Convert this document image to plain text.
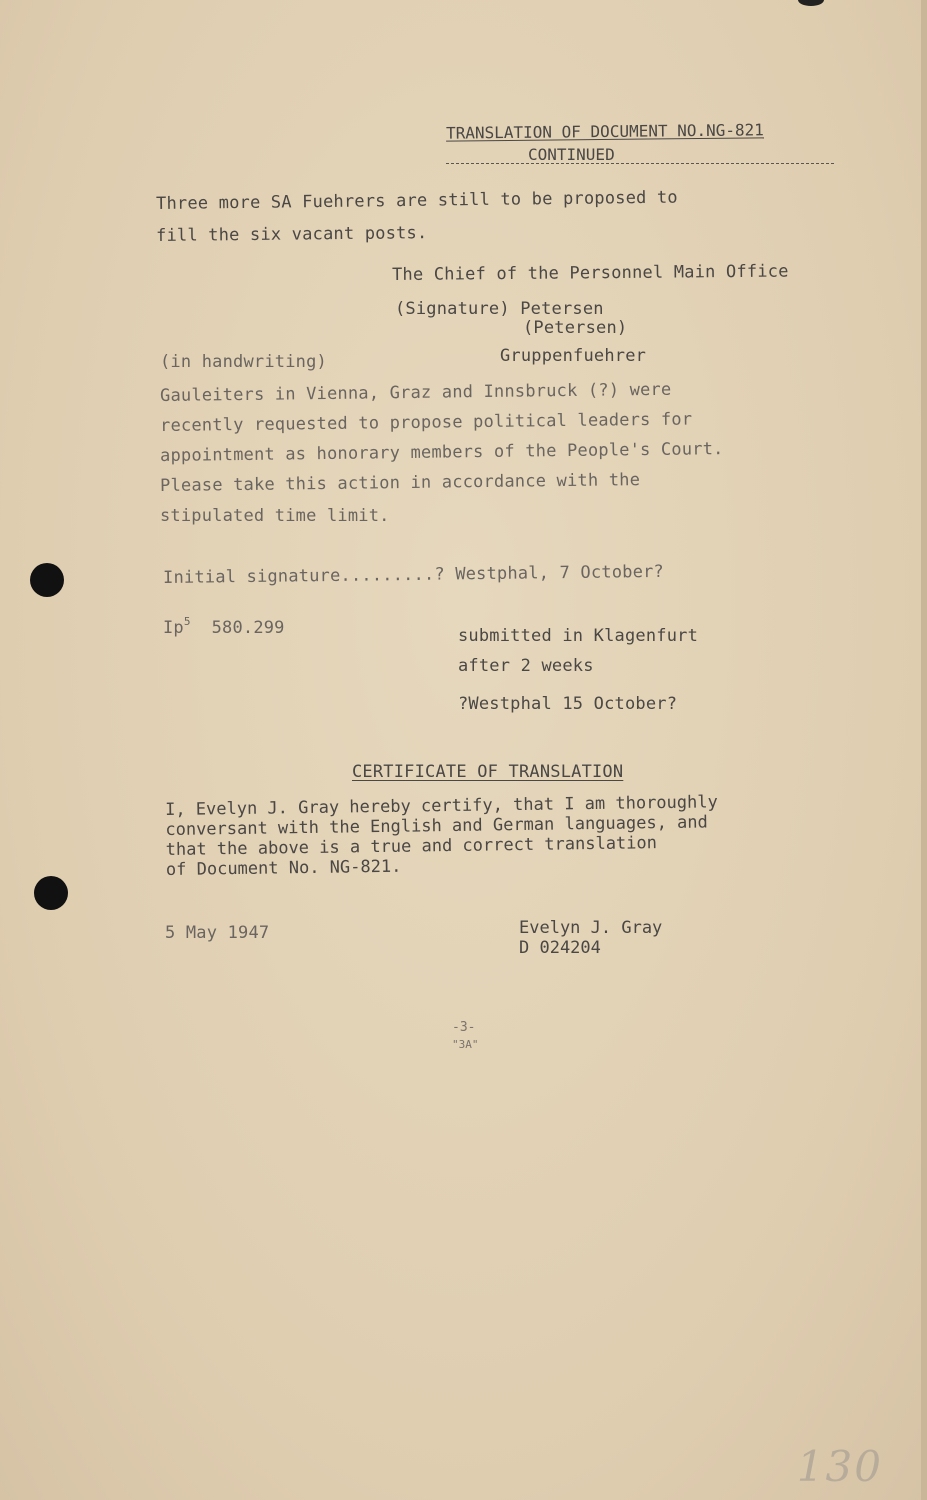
TRANSLATION OF DOCUMENT NO.NG-821
CONTINUED
Three more SA Fuehrers are still to be proposed to
fill the six vacant posts.
The Chief of the Personnel Main Office
(Signature) Petersen
(Petersen)
(in handwriting)	Gruppenfuehrer
Gauleiters in Vienna, Graz and Innsbruck (?) were
recently requested to propose political leaders for
appointment as honorary members of the People's Court.
Please take this action in accordance with the
stipulated time limit.
Initial signature.........? Westphal, 7 October?
Ip$^5$ 580.299	submitted in Klagenfurt
after 2 weeks
?Westphal 15 October?
CERTIFICATE OF TRANSLATION
I, Evelyn J. Gray hereby certify, that I am thoroughly
conversant with the English and German languages, and
that the above is a true and correct translation
of Document No. NG-821.
5 May 1947	Evelyn J. Gray
D 024204
-3-
"3A"
130
